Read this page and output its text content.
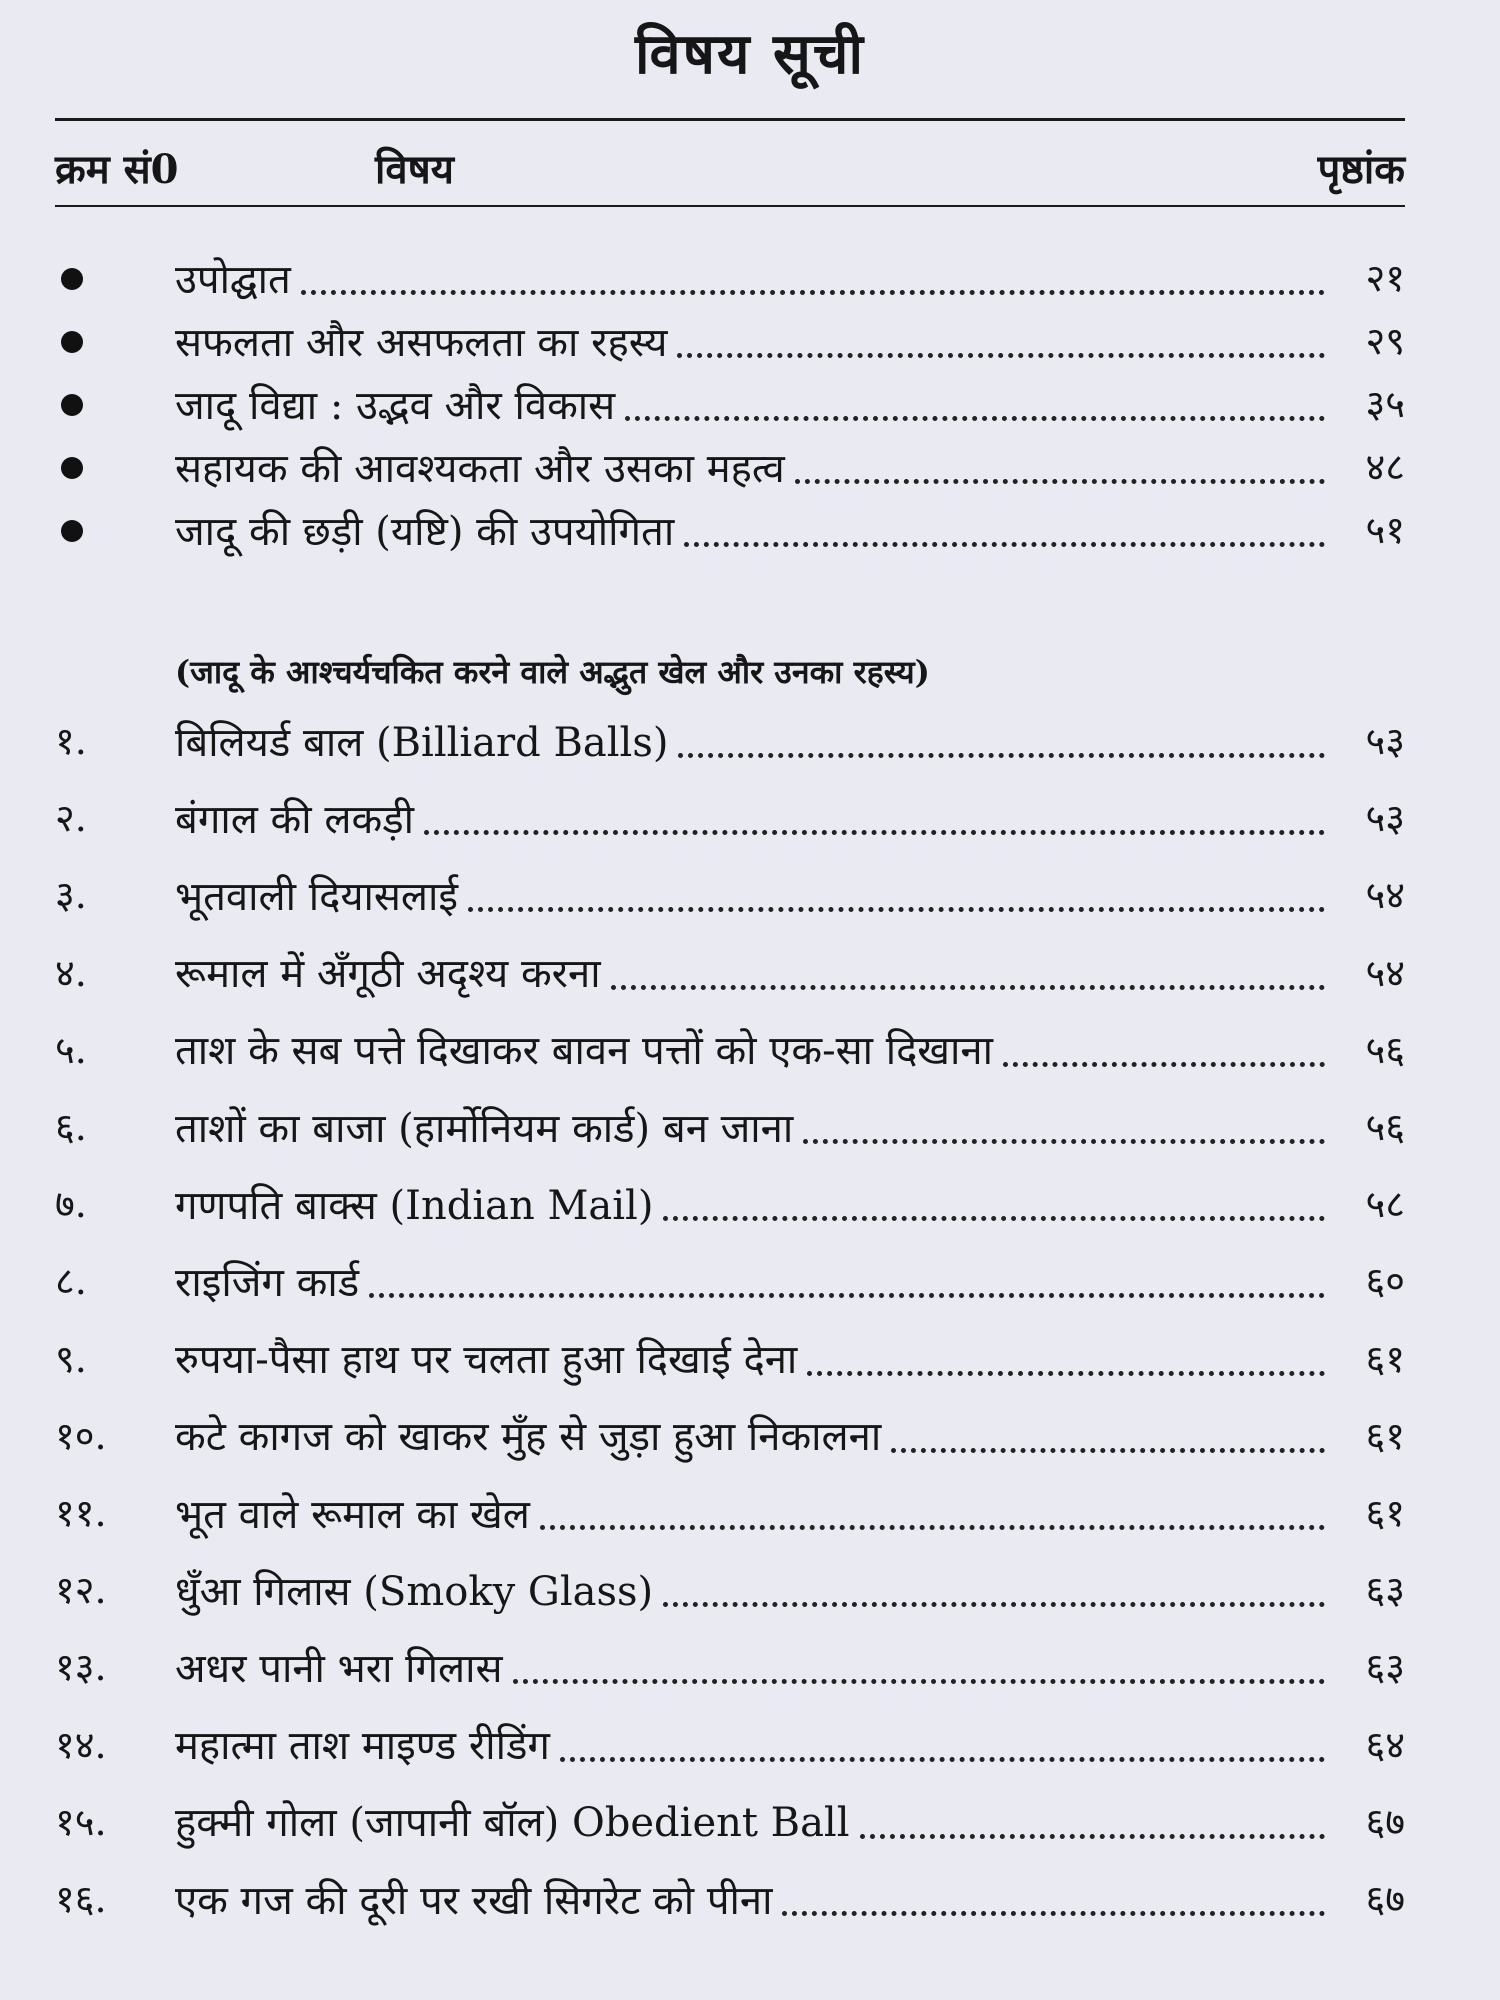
विषय सूची
क्रम सं0	विषय	पृष्ठांक
उपोद्घात	२१
सफलता और असफलता का रहस्य	२९
जादू विद्या : उद्भव और विकास	३५
सहायक की आवश्यकता और उसका महत्व	४८
जादू की छड़ी (यष्टि) की उपयोगिता	५१
(जादू के आश्चर्यचकित करने वाले अद्भुत खेल और उनका रहस्य)
१.	बिलियर्ड बाल (Billiard Balls)	५३
२.	बंगाल की लकड़ी	५३
३.	भूतवाली दियासलाई	५४
४.	रूमाल में अँगूठी अदृश्य करना	५४
५.	ताश के सब पत्ते दिखाकर बावन पत्तों को एक-सा दिखाना	५६
६.	ताशों का बाजा (हार्मोनियम कार्ड) बन जाना	५६
७.	गणपति बाक्स (Indian Mail)	५८
८.	राइजिंग कार्ड	६०
९.	रुपया-पैसा हाथ पर चलता हुआ दिखाई देना	६१
१०.	कटे कागज को खाकर मुँह से जुड़ा हुआ निकालना	६१
११.	भूत वाले रूमाल का खेल	६१
१२.	धुँआ गिलास (Smoky Glass)	६३
१३.	अधर पानी भरा गिलास	६३
१४.	महात्मा ताश माइण्ड रीडिंग	६४
१५.	हुक्मी गोला (जापानी बॉल) Obedient Ball	६७
१६.	एक गज की दूरी पर रखी सिगरेट को पीना	६७
